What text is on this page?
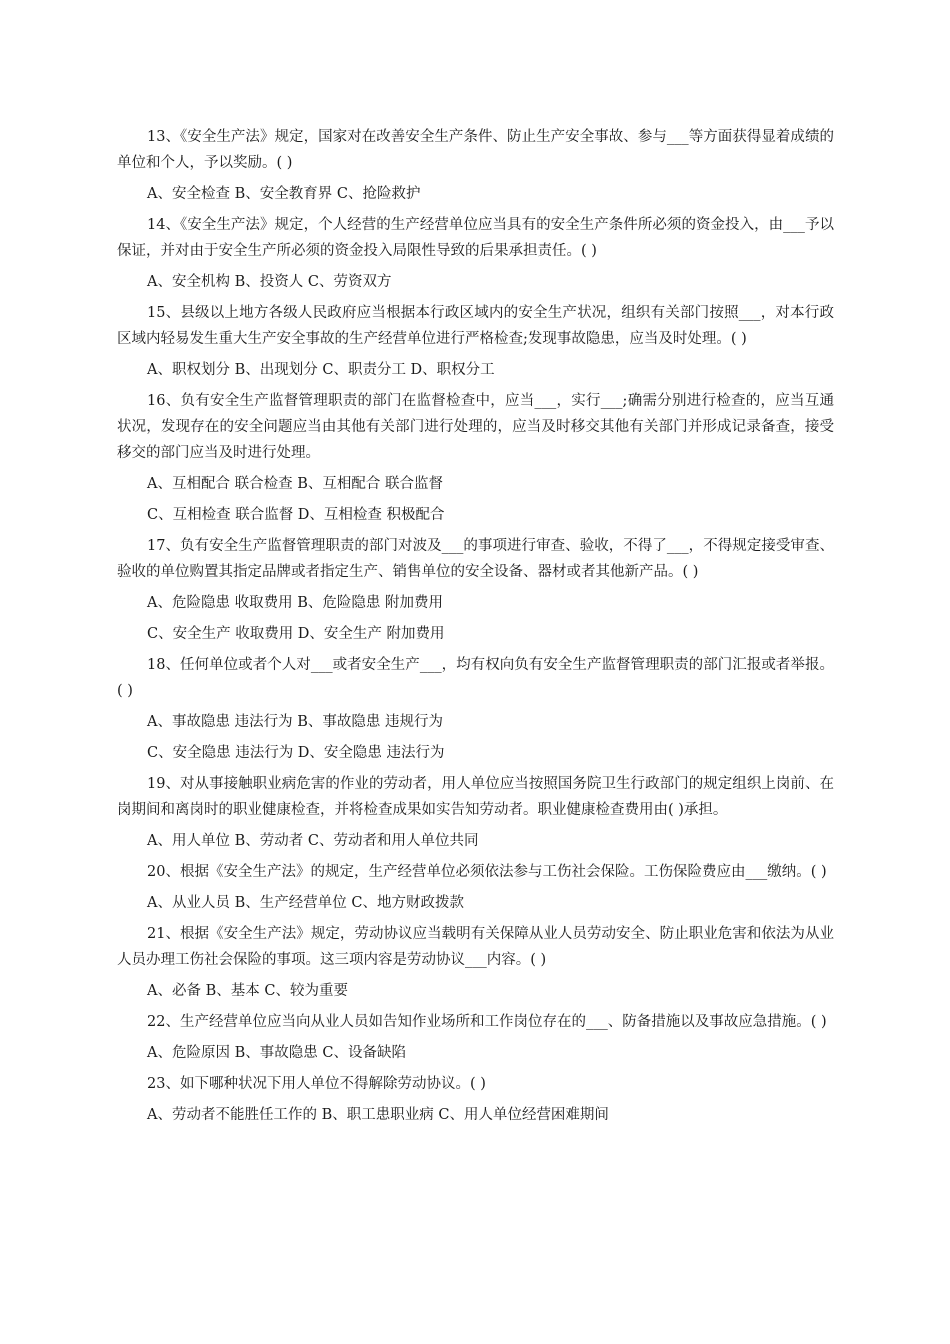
13、《安全生产法》规定，国家对在改善安全生产条件、防止生产安全事故、参与___等方面获得显着成绩的单位和个人，予以奖励。( )

A、安全检查 B、安全教育界 C、抢险救护

14、《安全生产法》规定，个人经营的生产经营单位应当具有的安全生产条件所必须的资金投入，由___予以保证，并对由于安全生产所必须的资金投入局限性导致的后果承担责任。( )

A、安全机构 B、投资人 C、劳资双方

15、县级以上地方各级人民政府应当根据本行政区域内的安全生产状况，组织有关部门按照___，对本行政区域内轻易发生重大生产安全事故的生产经营单位进行严格检查;发现事故隐患，应当及时处理。( )

A、职权划分 B、出现划分 C、职责分工 D、职权分工

16、负有安全生产监督管理职责的部门在监督检查中，应当___，实行___;确需分别进行检查的，应当互通状况，发现存在的安全问题应当由其他有关部门进行处理的，应当及时移交其他有关部门并形成记录备查，接受移交的部门应当及时进行处理。

A、互相配合 联合检查 B、互相配合 联合监督

C、互相检查 联合监督 D、互相检查 积极配合

17、负有安全生产监督管理职责的部门对波及___的事项进行审查、验收，不得了___，不得规定接受审查、验收的单位购置其指定品牌或者指定生产、销售单位的安全设备、器材或者其他新产品。( )

A、危险隐患 收取费用 B、危险隐患 附加费用

C、安全生产 收取费用 D、安全生产 附加费用

18、任何单位或者个人对___或者安全生产___，均有权向负有安全生产监督管理职责的部门汇报或者举报。( )

A、事故隐患 违法行为 B、事故隐患 违规行为

C、安全隐患 违法行为 D、安全隐患 违法行为

19、对从事接触职业病危害的作业的劳动者，用人单位应当按照国务院卫生行政部门的规定组织上岗前、在岗期间和离岗时的职业健康检查，并将检查成果如实告知劳动者。职业健康检查费用由( )承担。

A、用人单位 B、劳动者 C、劳动者和用人单位共同

20、根据《安全生产法》的规定，生产经营单位必须依法参与工伤社会保险。工伤保险费应由___缴纳。( )

A、从业人员 B、生产经营单位 C、地方财政拨款

21、根据《安全生产法》规定，劳动协议应当载明有关保障从业人员劳动安全、防止职业危害和依法为从业人员办理工伤社会保险的事项。这三项内容是劳动协议___内容。( )

A、必备 B、基本 C、较为重要

22、生产经营单位应当向从业人员如告知作业场所和工作岗位存在的___、防备措施以及事故应急措施。( )

A、危险原因 B、事故隐患 C、设备缺陷

23、如下哪种状况下用人单位不得解除劳动协议。( )

A、劳动者不能胜任工作的 B、职工患职业病 C、用人单位经营困难期间
